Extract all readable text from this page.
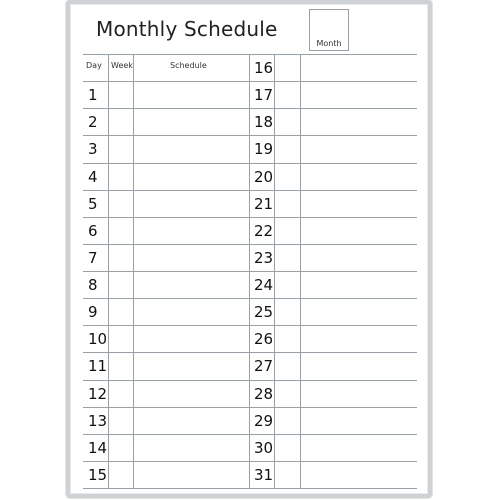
Monthly Schedule
Month
Day Week	Schedule
1
2
3
4
5
6
7
8
9
10
11
12
13
14
15
16
17
18
19
20
21
22
23
24
25
26
27
28
29
30
31
